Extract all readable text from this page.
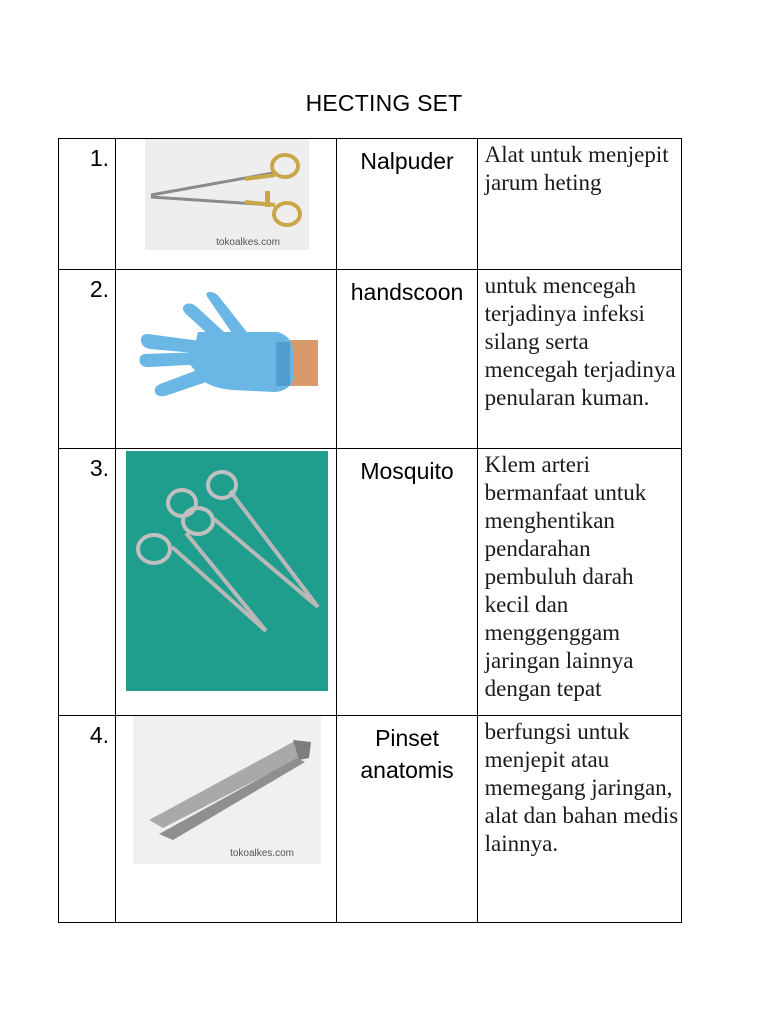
HECTING SET
1.	tokoalkes.com	Nalpuder	Alat untuk menjepit jarum heting

2.		handscoon	untuk mencegah terjadinya infeksi silang serta mencegah terjadinya penularan kuman.

3.		Mosquito	Klem arteri bermanfaat untuk menghentikan pendarahan pembuluh darah kecil dan menggenggam jaringan lainnya dengan tepat

4.	tokoalkes.com	Pinset anatomis	berfungsi untuk menjepit atau memegang jaringan, alat dan bahan medis lainnya.
